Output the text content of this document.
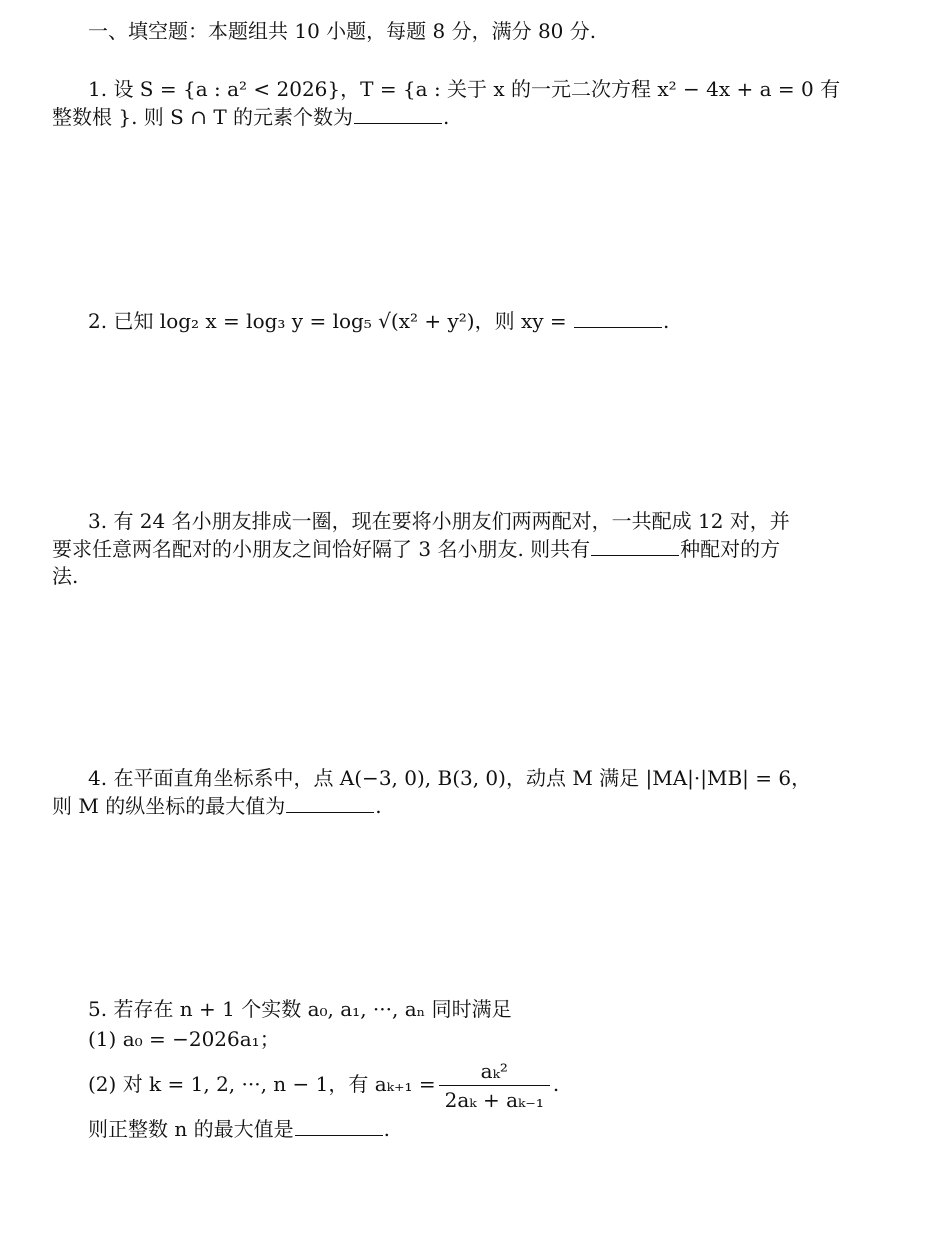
一、填空题：本题组共 10 小题，每题 8 分，满分 80 分.
1. 设 S = {a : a² < 2026}，T = {a : 关于 x 的一元二次方程 x² − 4x + a = 0 有
整数根 }. 则 S ∩ T 的元素个数为	.
2. 已知 log₂ x = log₃ y = log₅ √(x² + y²)，则 xy =	.
3. 有 24 名小朋友排成一圈，现在要将小朋友们两两配对，一共配成 12 对，并
要求任意两名配对的小朋友之间恰好隔了 3 名小朋友. 则共有	种配对的方
法.
4. 在平面直角坐标系中，点 A(−3, 0), B(3, 0)，动点 M 满足 |MA|·|MB| = 6，
则 M 的纵坐标的最大值为	.
5. 若存在 n + 1 个实数 a₀, a₁, ···, aₙ 同时满足
(1) a₀ = −2026a₁；
(2) 对 k = 1, 2, ···, n − 1，有 $a_{k+1} = \frac{\text{aₖ²}}{\text{2aₖ + aₖ₋₁}}$ .
则正整数 n 的最大值是	.
